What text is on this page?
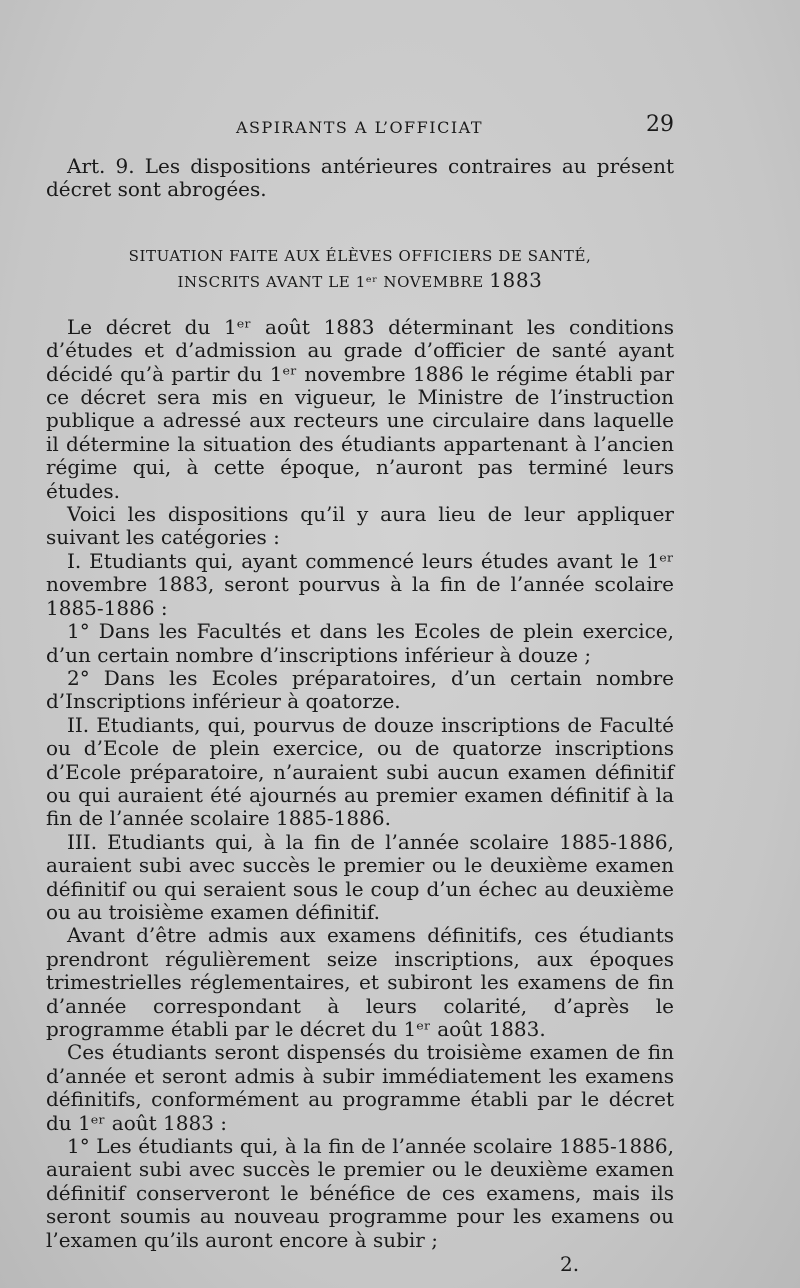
ASPIRANTS A L’OFFICIAT	29

Art. 9. Les dispositions antérieures contraires au présent décret sont abrogées.

SITUATION FAITE AUX ÉLÈVES OFFICIERS DE SANTÉ,
INSCRITS AVANT LE 1ᵉʳ NOVEMBRE 1883

Le décret du 1ᵉʳ août 1883 déterminant les conditions d’études et d’admission au grade d’officier de santé ayant décidé qu’à partir du 1ᵉʳ novembre 1886 le régime établi par ce décret sera mis en vigueur, le Ministre de l’instruction publique a adressé aux recteurs une circulaire dans laquelle il détermine la situation des étudiants appartenant à l’ancien régime qui, à cette époque, n’auront pas terminé leurs études.

Voici les dispositions qu’il y aura lieu de leur appliquer suivant les catégories :

I. Etudiants qui, ayant commencé leurs études avant le 1ᵉʳ novembre 1883, seront pourvus à la fin de l’année scolaire 1885-1886 :

1° Dans les Facultés et dans les Ecoles de plein exercice, d’un certain nombre d’inscriptions inférieur à douze ;

2° Dans les Ecoles préparatoires, d’un certain nombre d’Inscriptions inférieur à qoatorze.

II. Etudiants, qui, pourvus de douze inscriptions de Faculté ou d’Ecole de plein exercice, ou de quatorze inscriptions d’Ecole préparatoire, n’auraient subi aucun examen définitif ou qui auraient été ajournés au premier examen définitif à la fin de l’année scolaire 1885-1886.

III. Etudiants qui, à la fin de l’année scolaire 1885-1886, auraient subi avec succès le premier ou le deuxième examen définitif ou qui seraient sous le coup d’un échec au deuxième ou au troisième examen définitif.

Avant d’être admis aux examens définitifs, ces étudiants prendront régulièrement seize inscriptions, aux époques trimestrielles réglementaires, et subiront les examens de fin d’année correspondant à leurs colarité, d’après le programme établi par le décret du 1ᵉʳ août 1883.

Ces étudiants seront dispensés du troisième examen de fin d’année et seront admis à subir immédiatement les examens définitifs, conformément au programme établi par le décret du 1ᵉʳ août 1883 :

1° Les étudiants qui, à la fin de l’année scolaire 1885-1886, auraient subi avec succès le premier ou le deuxième examen définitif conserveront le bénéfice de ces examens, mais ils seront soumis au nouveau programme pour les examens ou l’examen qu’ils auront encore à subir ;

2.
